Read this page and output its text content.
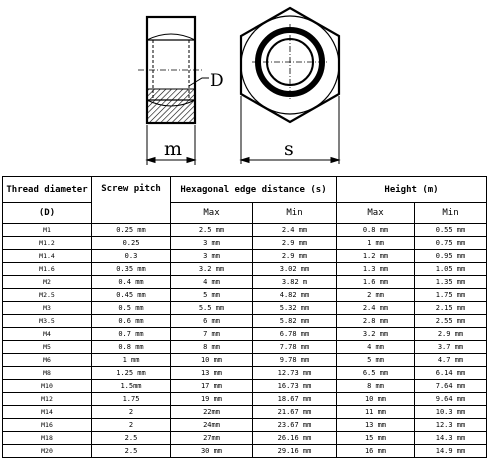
D
m	s
Thread diameter	Screw pitch	Hexagonal edge distance (s)		Height (m)	
(D)		Max	Min	Max	Min
M1	0.25 mm	2.5 mm	2.4 mm	0.8 mm	0.55 mm
M1.2	0.25	3 mm	2.9 mm	1 mm	0.75 mm
M1.4	0.3	3 mm	2.9 mm	1.2 mm	0.95 mm
M1.6	0.35 mm	3.2 mm	3.02 mm	1.3 mm	1.05 mm
M2	0.4 mm	4 mm	3.82 m	1.6 mm	1.35 mm
M2.5	0.45 mm	5 mm	4.82 mm	2 mm	1.75 mm
M3	0.5 mm	5.5 mm	5.32 mm	2.4 mm	2.15 mm
M3.5	0.6 mm	6 mm	5.82 mm	2.8 mm	2.55 mm
M4	0.7 mm	7 mm	6.78 mm	3.2 mm	2.9 mm
M5	0.8 mm	8 mm	7.78 mm	4 mm	3.7 mm
M6	1 mm	10 mm	9.78 mm	5 mm	4.7 mm
M8	1.25 mm	13 mm	12.73 mm	6.5 mm	6.14 mm
M10	1.5mm	17 mm	16.73 mm	8 mm	7.64 mm
M12	1.75	19 mm	18.67 mm	10 mm	9.64 mm
M14	2	22mm	21.67 mm	11 mm	10.3 mm
M16	2	24mm	23.67 mm	13 mm	12.3 mm
M18	2.5	27mm	26.16 mm	15 mm	14.3 mm
M20	2.5	30 mm	29.16 mm	16 mm	14.9 mm
